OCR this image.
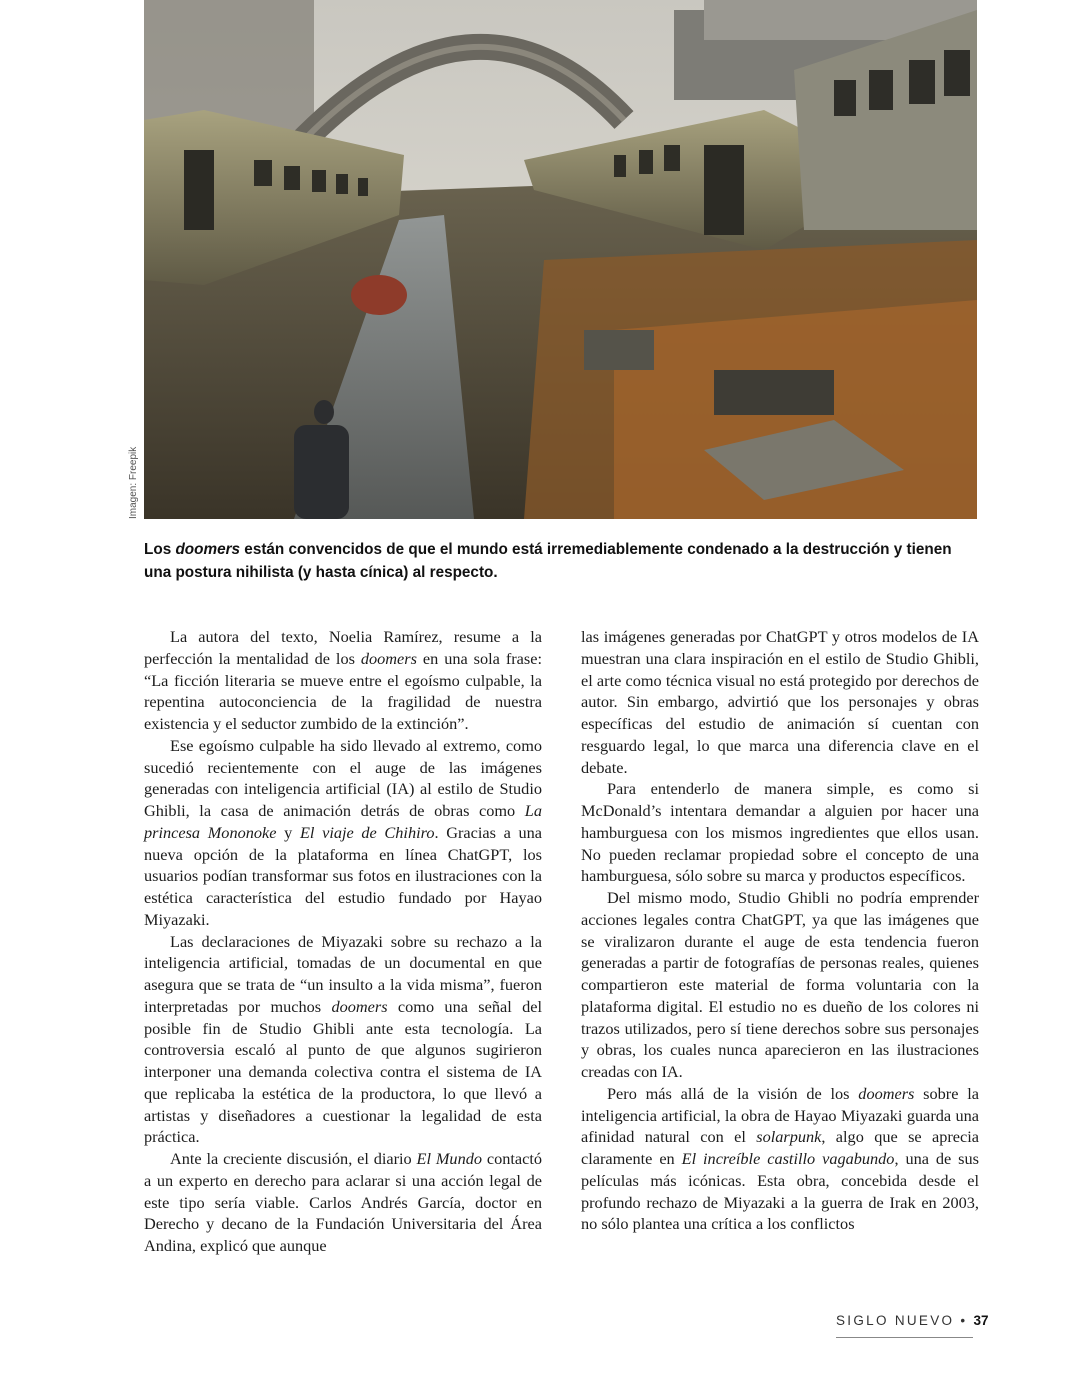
Imagen: Freepik

Los doomers están convencidos de que el mundo está irremediablemente condenado a la destrucción y tienen una postura nihilista (y hasta cínica) al respecto.

La autora del texto, Noelia Ramírez, resume a la perfección la mentalidad de los doomers en una sola frase: “La ficción literaria se mueve entre el egoísmo culpable, la repentina autoconciencia de la fragilidad de nuestra existencia y el seductor zumbido de la extinción”.

Ese egoísmo culpable ha sido llevado al extremo, como sucedió recientemente con el auge de las imágenes generadas con inteligencia artificial (IA) al estilo de Studio Ghibli, la casa de animación detrás de obras como La princesa Mononoke y El viaje de Chihiro. Gracias a una nueva opción de la plataforma en línea ChatGPT, los usuarios podían transformar sus fotos en ilustraciones con la estética característica del estudio fundado por Hayao Miyazaki.

Las declaraciones de Miyazaki sobre su rechazo a la inteligencia artificial, tomadas de un documental en que asegura que se trata de “un insulto a la vida misma”, fueron interpretadas por muchos doomers como una señal del posible fin de Studio Ghibli ante esta tecnología. La controversia escaló al punto de que algunos sugirieron interponer una demanda colectiva contra el sistema de IA que replicaba la estética de la productora, lo que llevó a artistas y diseñadores a cuestionar la legalidad de esta práctica.

Ante la creciente discusión, el diario El Mundo contactó a un experto en derecho para aclarar si una acción legal de este tipo sería viable. Carlos Andrés García, doctor en Derecho y decano de la Fundación Universitaria del Área Andina, explicó que aunque

las imágenes generadas por ChatGPT y otros modelos de IA muestran una clara inspiración en el estilo de Studio Ghibli, el arte como técnica visual no está protegido por derechos de autor. Sin embargo, advirtió que los personajes y obras específicas del estudio de animación sí cuentan con resguardo legal, lo que marca una diferencia clave en el debate.

Para entenderlo de manera simple, es como si McDonald’s intentara demandar a alguien por hacer una hamburguesa con los mismos ingredientes que ellos usan. No pueden reclamar propiedad sobre el concepto de una hamburguesa, sólo sobre su marca y productos específicos.

Del mismo modo, Studio Ghibli no podría emprender acciones legales contra ChatGPT, ya que las imágenes que se viralizaron durante el auge de esta tendencia fueron generadas a partir de fotografías de personas reales, quienes compartieron este material de forma voluntaria con la plataforma digital. El estudio no es dueño de los colores ni trazos utilizados, pero sí tiene derechos sobre sus personajes y obras, los cuales nunca aparecieron en las ilustraciones creadas con IA.

Pero más allá de la visión de los doomers sobre la inteligencia artificial, la obra de Hayao Miyazaki guarda una afinidad natural con el solarpunk, algo que se aprecia claramente en El increíble castillo vagabundo, una de sus películas más icónicas. Esta obra, concebida desde el profundo rechazo de Miyazaki a la guerra de Irak en 2003, no sólo plantea una crítica a los conflictos

SIGLO NUEVO • 37
